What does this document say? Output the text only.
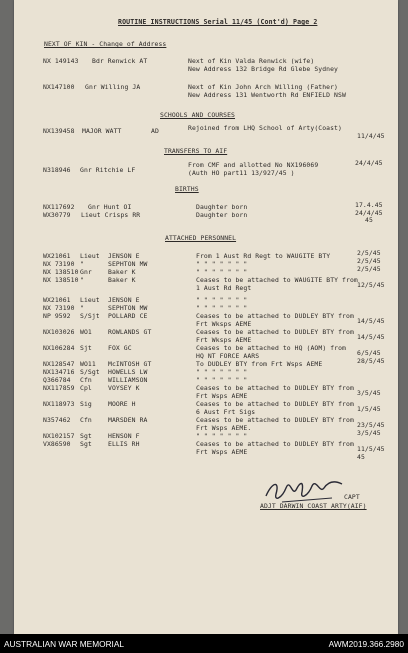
ROUTINE INSTRUCTIONS Serial 11/45 (Cont'd) Page 2
NEXT OF KIN - Change of Address
NX 149143 Bdr Renwick AT	Next of Kin Valda Renwick (wife)
New Address 132 Bridge Rd Glebe Sydney
NX147100 Gnr Willing JA	Next of Kin John Arch Willing (Father)
New Address 131 Wentworth Rd ENFIELD NSW
SCHOOLS AND COURSES
NX139458 MAJOR WATT	AD	Rejoined from LHQ School of Arty(Coast)
11/4/45
TRANSFERS TO AIF
N318946 Gnr Ritchie LF
From CMF and allotted No NX196069
(Auth HO part11 13/927/45 )
24/4/45
BIRTHS
NX117692 Gnr Hunt OI	Daughter born	17.4.45
WX30779 Lieut Crisps RR	Daughter born	24/4/45
45
ATTACHED PERSONNEL
WX21061 Lieut JENSON E	From 1 Aust Rd Regt to WAUGITE BTY	2/5/45
NX 73190 "	SEPHTON MW	" " " " " " "	2/5/45
NX 138510 Gnr	Baker K	" " " " " " "	2/5/45
NX 138510 "	Baker K	Ceases to be attached to WAUGITE BTY from
1 Aust Rd Regt	12/5/45
WX21061 Lieut JENSON E	" " " " " " "
NX 73190 "	SEPHTON MW	" " " " " " "
NP 9592 S/Sjt POLLARD CE	Ceases to be attached to DUDLEY BTY from
Frt Wksps AEME	14/5/45
NX103026 WO1	ROWLANDS GT	Ceases to be attached to DUDLEY BTY from
Frt Wksps AEME	14/5/45
NX106284 Sjt	FOX GC	Ceases to be attached to HQ (AOM) from
HQ NT FORCE AARS	6/5/45
NX128547 WO11 McINTOSH GT	To DUDLEY BTY from Frt Wsps AEME	28/5/45
NX134716 S/Sgt HOWELLS LW	" " " " " " "
Q366784 Cfn	WILLIAMSON	" " " " " " "
NX117859 Cpl	VOYSEY K	Ceases to be attached to DUDLEY BTY from
Frt Wsps AEME	3/5/45
NX118973 Sig	MOORE H	Ceases to be attached to DUDLEY BTY from
6 Aust Frt Sigs	1/5/45
N357462 Cfn	MARSDEN RA	Ceases to be attached to DUDLEY BTY from
Frt Wsps AEME.	23/5/45
NX102157 Sgt	HENSON F	" " " " " " "	3/5/45
VX86590 Sgt	ELLIS RH	Ceases to be attached to DUDLEY BTY from
Frt Wsps AEME	11/5/45
45
CAPT
ADJT DARWIN COAST ARTY(AIF)
AUSTRALIAN WAR MEMORIAL	AWM2019.366.2980
